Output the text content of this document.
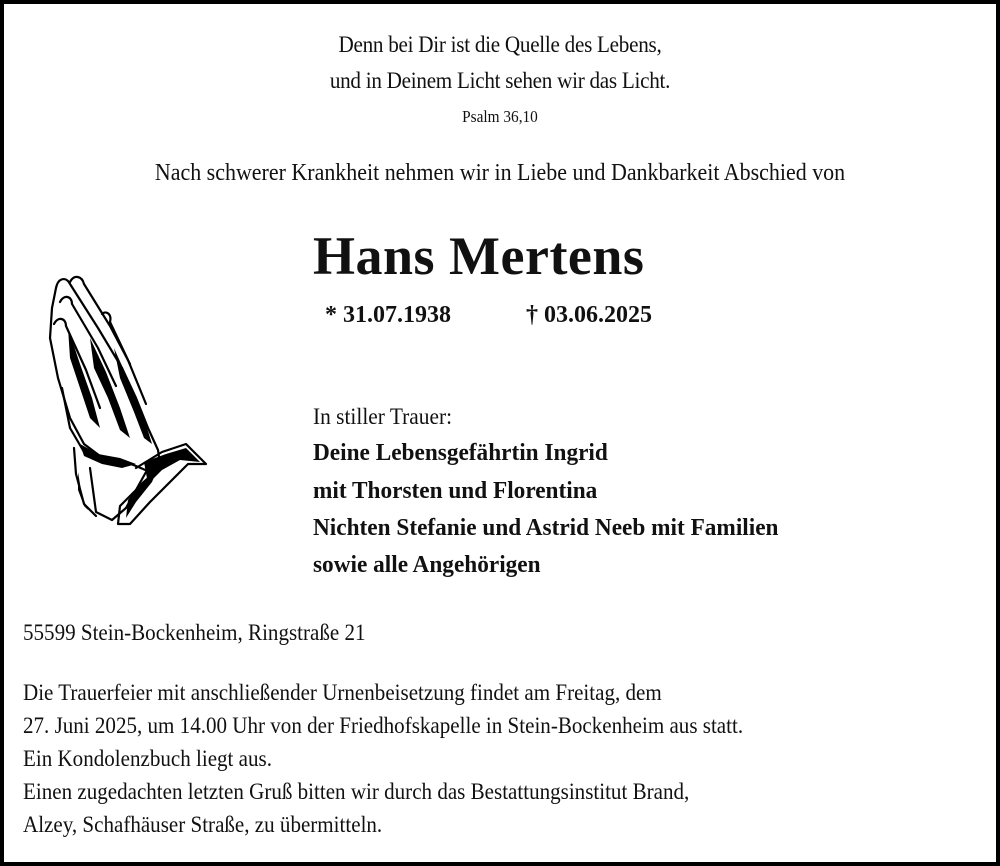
Denn bei Dir ist die Quelle des Lebens,
und in Deinem Licht sehen wir das Licht.
Psalm 36,10
Nach schwerer Krankheit nehmen wir in Liebe und Dankbarkeit Abschied von
Hans Mertens
* 31.07.1938	† 03.06.2025
In stiller Trauer:
Deine Lebensgefährtin Ingrid
mit Thorsten und Florentina
Nichten Stefanie und Astrid Neeb mit Familien
sowie alle Angehörigen
55599 Stein-Bockenheim, Ringstraße 21
Die Trauerfeier mit anschließender Urnenbeisetzung findet am Freitag, dem
27. Juni 2025, um 14.00 Uhr von der Friedhofskapelle in Stein-Bockenheim aus statt.
Ein Kondolenzbuch liegt aus.
Einen zugedachten letzten Gruß bitten wir durch das Bestattungsinstitut Brand,
Alzey, Schafhäuser Straße, zu übermitteln.
